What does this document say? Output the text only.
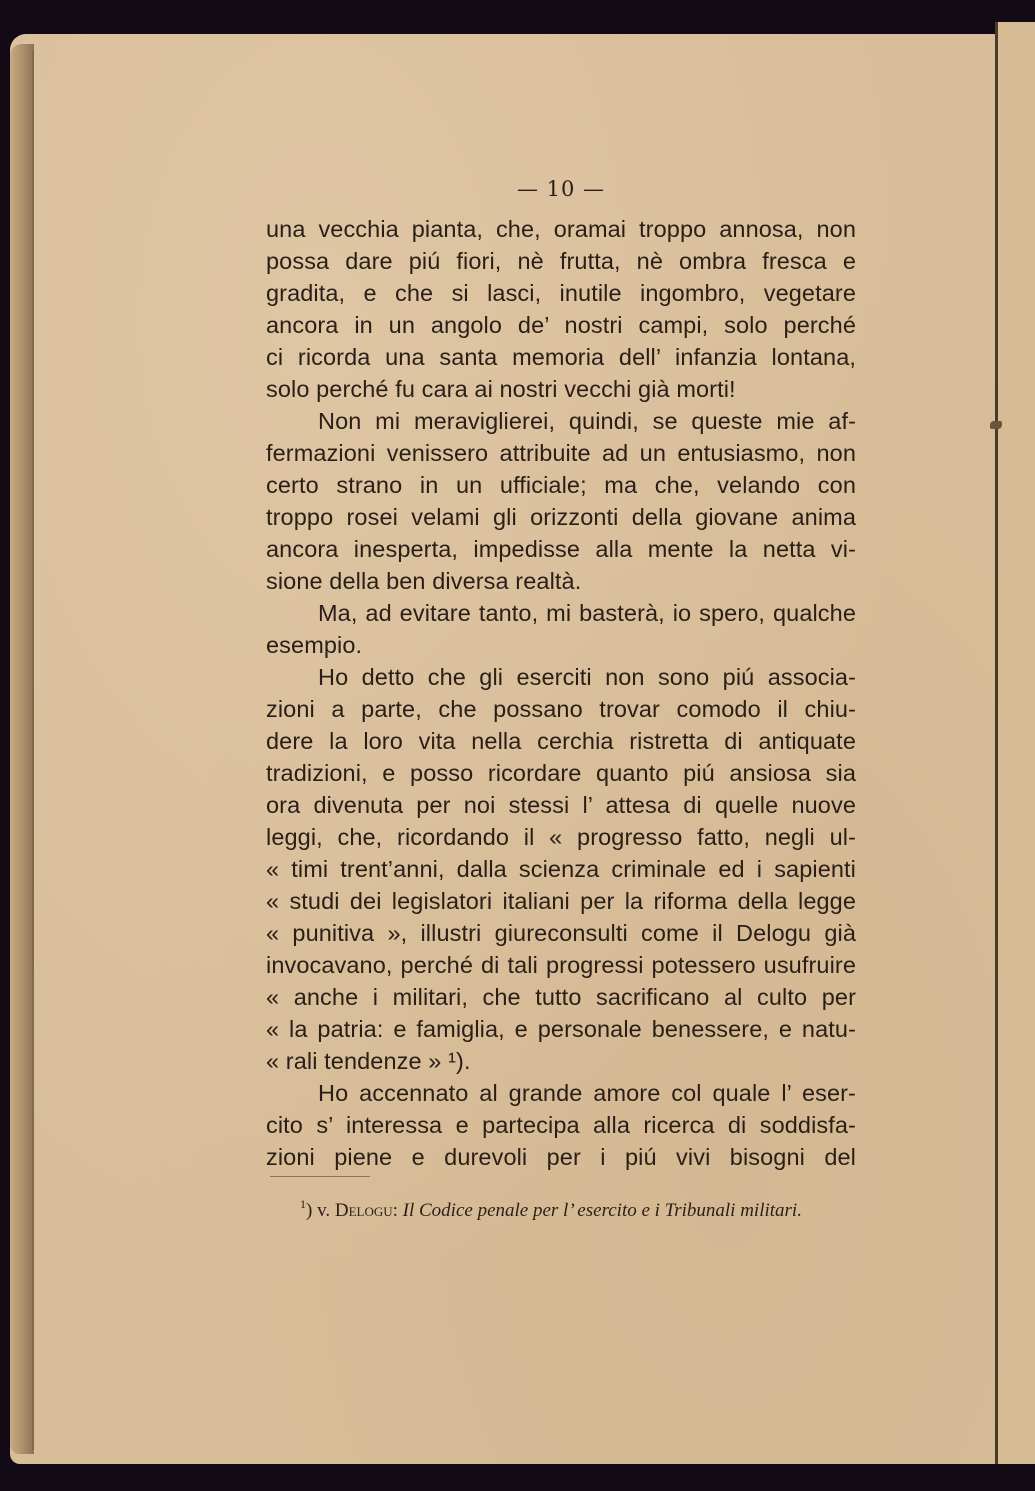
— 10 —
una vecchia pianta, che, oramai troppo annosa, non
possa dare piú fiori, nè frutta, nè ombra fresca e
gradita, e che si lasci, inutile ingombro, vegetare
ancora in un angolo de’ nostri campi, solo perché
ci ricorda una santa memoria dell’ infanzia lontana,
solo perché fu cara ai nostri vecchi già morti!
Non mi meraviglierei, quindi, se queste mie af-
fermazioni venissero attribuite ad un entusiasmo, non
certo strano in un ufficiale; ma che, velando con
troppo rosei velami gli orizzonti della giovane anima
ancora inesperta, impedisse alla mente la netta vi-
sione della ben diversa realtà.
Ma, ad evitare tanto, mi basterà, io spero, qualche
esempio.
Ho detto che gli eserciti non sono piú associa-
zioni a parte, che possano trovar comodo il chiu-
dere la loro vita nella cerchia ristretta di antiquate
tradizioni, e posso ricordare quanto piú ansiosa sia
ora divenuta per noi stessi l’ attesa di quelle nuove
leggi, che, ricordando il « progresso fatto, negli ul-
« timi trent’anni, dalla scienza criminale ed i sapienti
« studi dei legislatori italiani per la riforma della legge
« punitiva », illustri giureconsulti come il Delogu già
invocavano, perché di tali progressi potessero usufruire
« anche i militari, che tutto sacrificano al culto per
« la patria: e famiglia, e personale benessere, e natu-
« rali tendenze » ¹).
Ho accennato al grande amore col quale l’ eser-
cito s’ interessa e partecipa alla ricerca di soddisfa-
zioni piene e durevoli per i piú vivi bisogni del
$^1$) v. Delogu: Il Codice penale per l’ esercito e i Tribunali militari.
